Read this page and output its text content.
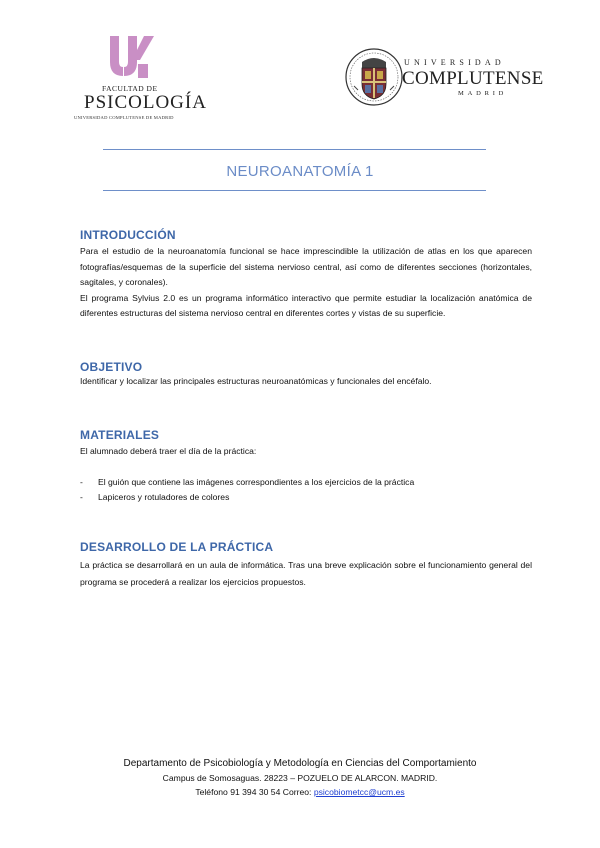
FACULTAD DE
PSICOLOGÍA
UNIVERSIDAD COMPLUTENSE DE MADRID
UNIVERSIDAD
COMPLUTENSE
MADRID
NEUROANATOMÍA 1
INTRODUCCIÓN

Para el estudio de la neuroanatomía funcional se hace imprescindible la utilización de atlas en los que aparecen fotografías/esquemas de la superficie del sistema nervioso central, así como de diferentes secciones (horizontales, sagitales, y coronales).

El programa Sylvius 2.0 es un programa informático interactivo que permite estudiar la localización anatómica de diferentes estructuras del sistema nervioso central en diferentes cortes y vistas de su superficie.

OBJETIVO

Identificar y localizar las principales estructuras neuroanatómicas y funcionales del encéfalo.

MATERIALES

El alumnado deberá traer el día de la práctica:

- El guión que contiene las imágenes correspondientes a los ejercicios de la práctica
- Lapiceros y rotuladores de colores
DESARROLLO DE LA PRÁCTICA

La práctica se desarrollará en un aula de informática. Tras una breve explicación sobre el funcionamiento general del programa se procederá a realizar los ejercicios propuestos.

Departamento de Psicobiología y Metodología en Ciencias del Comportamiento
Campus de Somosaguas. 28223 – POZUELO DE ALARCON. MADRID.
Teléfono 91 394 30 54 Correo: psicobiometcc@ucm.es
